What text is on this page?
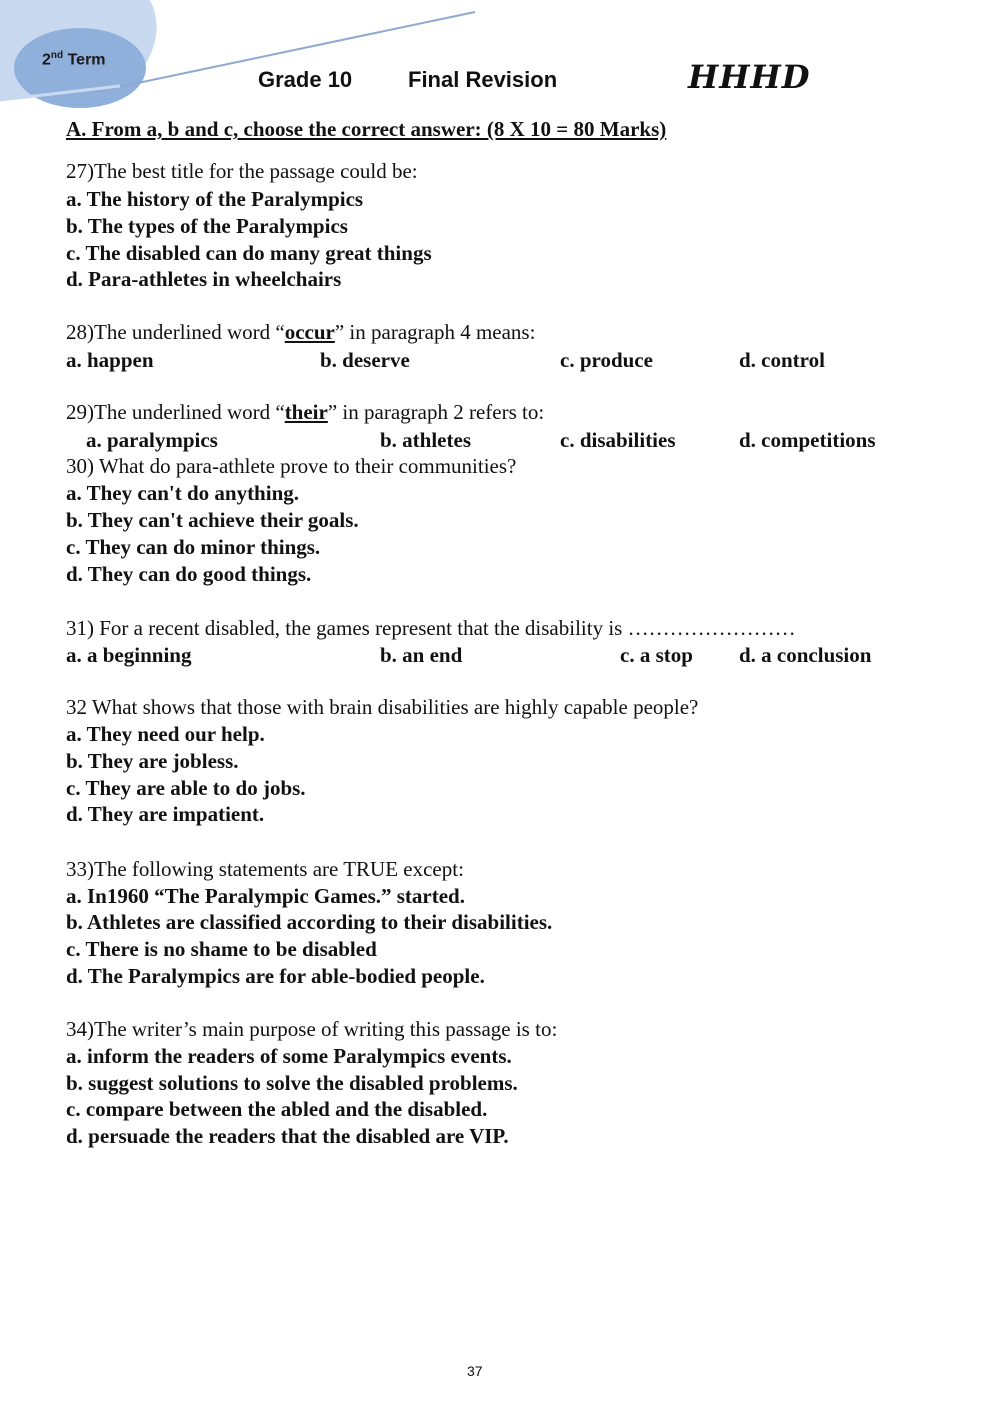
2nd Term
Grade 10	Final Revision	HHHD
A. From a, b and c, choose the correct answer: (8 X 10 = 80 Marks)
27)The best title for the passage could be:
a. The history of the Paralympics
b. The types of the Paralympics
c. The disabled can do many great things
d. Para-athletes in wheelchairs
28)The underlined word “occur” in paragraph 4 means:
a. happen	b. deserve	c. produce	d. control
29)The underlined word “their” in paragraph 2 refers to:
a. paralympics	b. athletes	c. disabilities	d. competitions
30) What do para-athlete prove to their communities?
a. They can't do anything.
b. They can't achieve their goals.
c. They can do minor things.
d. They can do good things.
31) For a recent disabled, the games represent that the disability is ……………………
a. a beginning	b. an end	c. a stop d. a conclusion
32 What shows that those with brain disabilities are highly capable people?
a. They need our help.
b. They are jobless.
c. They are able to do jobs.
d. They are impatient.
33)The following statements are TRUE except:
a. In1960 “The Paralympic Games.” started.
b. Athletes are classified according to their disabilities.
c. There is no shame to be disabled
d. The Paralympics are for able-bodied people.
34)The writer’s main purpose of writing this passage is to:
a. inform the readers of some Paralympics events.
b. suggest solutions to solve the disabled problems.
c. compare between the abled and the disabled.
d. persuade the readers that the disabled are VIP.
37
